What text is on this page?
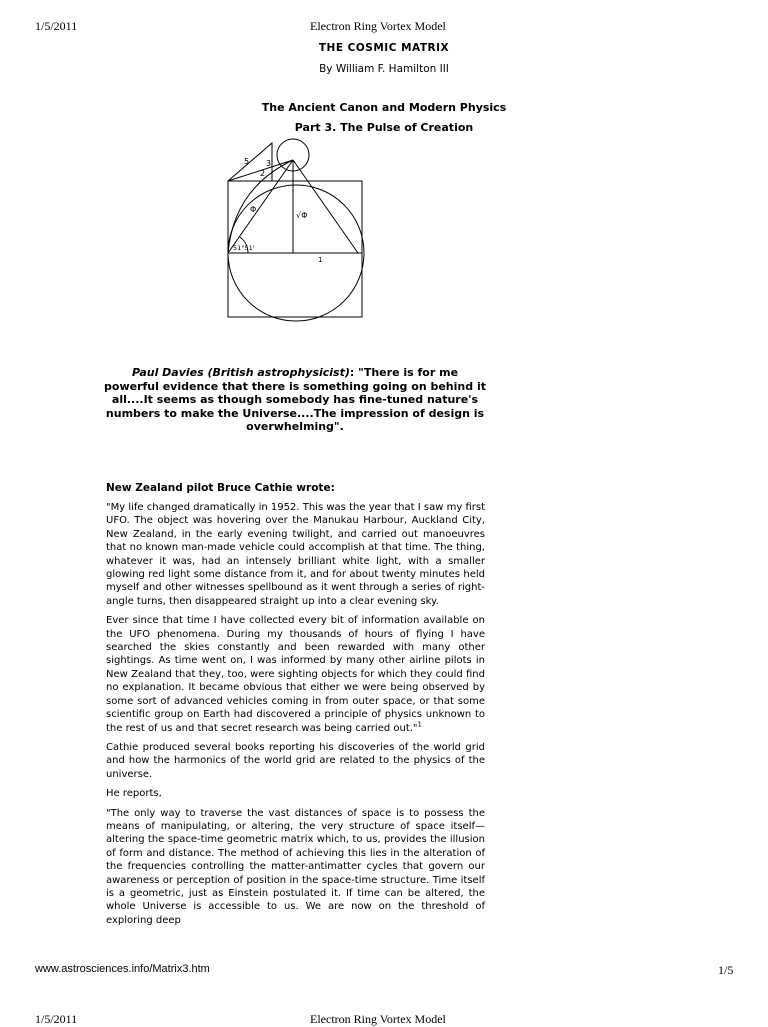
1/5/2011	Electron Ring Vortex Model
THE COSMIC MATRIX
By William F. Hamilton III
The Ancient Canon and Modern Physics
Part 3. The Pulse of Creation
5 3
2
Φ
√Φ
51°51'
1
Paul Davies (British astrophysicist): "There is for me powerful evidence that there is something going on behind it all....It seems as though somebody has fine-tuned nature's numbers to make the Universe....The impression of design is overwhelming".
New Zealand pilot Bruce Cathie wrote:

"My life changed dramatically in 1952. This was the year that I saw my first UFO. The object was hovering over the Manukau Harbour, Auckland City, New Zealand, in the early evening twilight, and carried out manoeuvres that no known man-made vehicle could accomplish at that time. The thing, whatever it was, had an intensely brilliant white light, with a smaller glowing red light some distance from it, and for about twenty minutes held myself and other witnesses spellbound as it went through a series of right-angle turns, then disappeared straight up into a clear evening sky.

Ever since that time I have collected every bit of information available on the UFO phenomena. During my thousands of hours of flying I have searched the skies constantly and been rewarded with many other sightings. As time went on, I was informed by many other airline pilots in New Zealand that they, too, were sighting objects for which they could find no explanation. It became obvious that either we were being observed by some sort of advanced vehicles coming in from outer space, or that some scientific group on Earth had discovered a principle of physics unknown to the rest of us and that secret research was being carried out."$^1$

Cathie produced several books reporting his discoveries of the world grid and how the harmonics of the world grid are related to the physics of the universe.

He reports,

"The only way to traverse the vast distances of space is to possess the means of manipulating, or altering, the very structure of space itself—altering the space-time geometric matrix which, to us, provides the illusion of form and distance. The method of achieving this lies in the alteration of the frequencies controlling the matter-antimatter cycles that govern our awareness or perception of position in the space-time structure. Time itself is a geometric, just as Einstein postulated it. If time can be altered, the whole Universe is accessible to us. We are now on the threshold of exploring deep

www.astrosciences.info/Matrix3.htm	1/5
1/5/2011	Electron Ring Vortex Model
